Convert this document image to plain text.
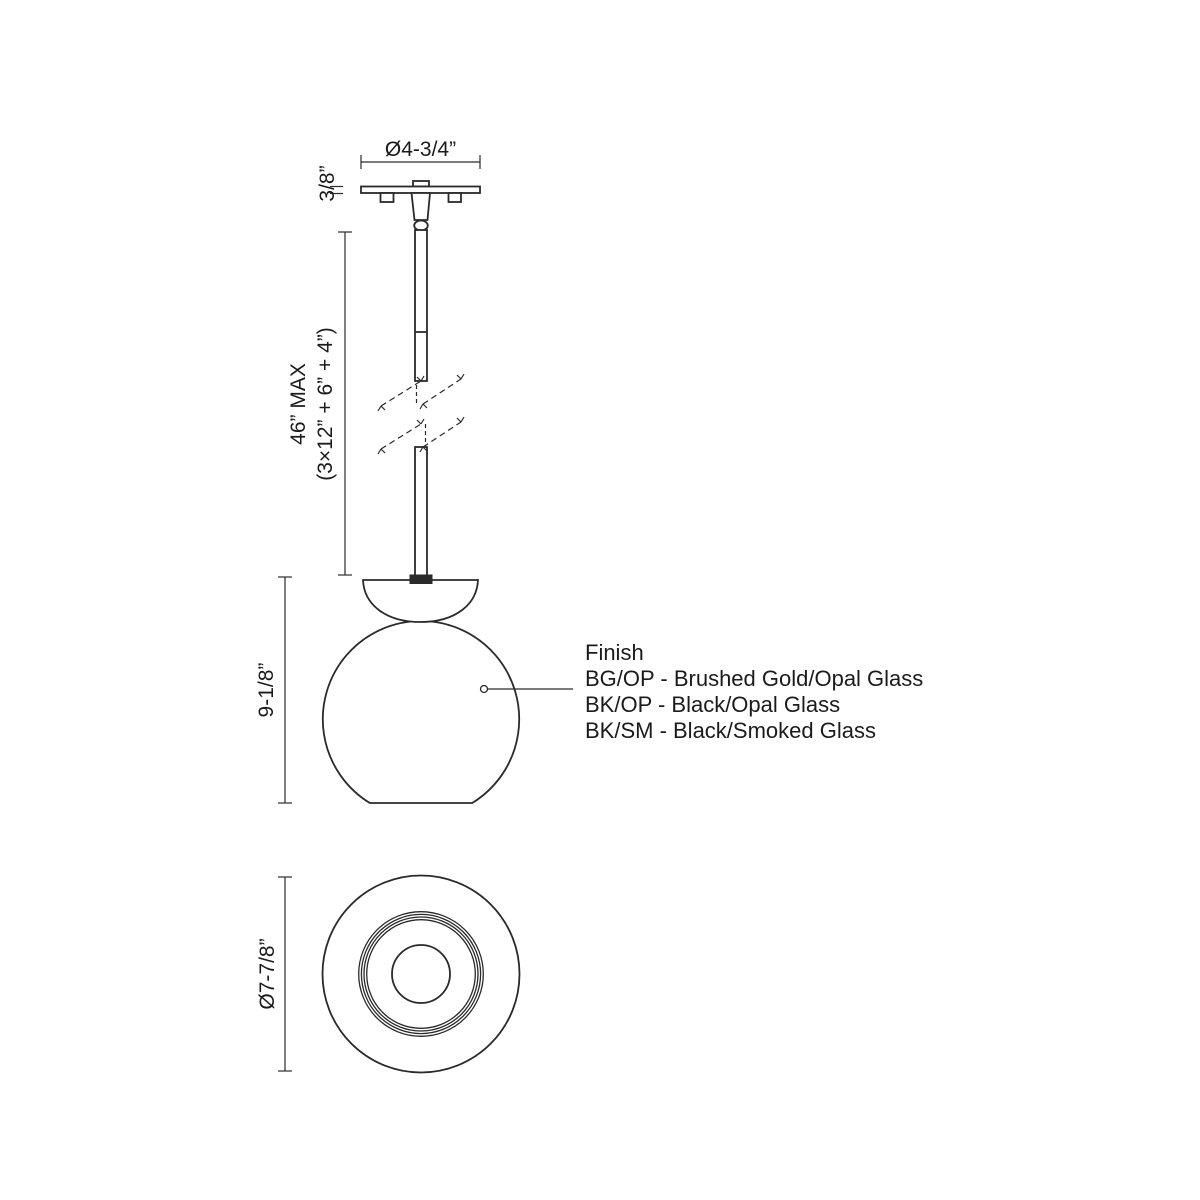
Ø4-3/4”
3/8”
46” MAX (3×12” + 6” + 4”)
9-1/8”
Ø7-7/8”
Finish
BG/OP - Brushed Gold/Opal Glass
BK/OP - Black/Opal Glass
BK/SM - Black/Smoked Glass
